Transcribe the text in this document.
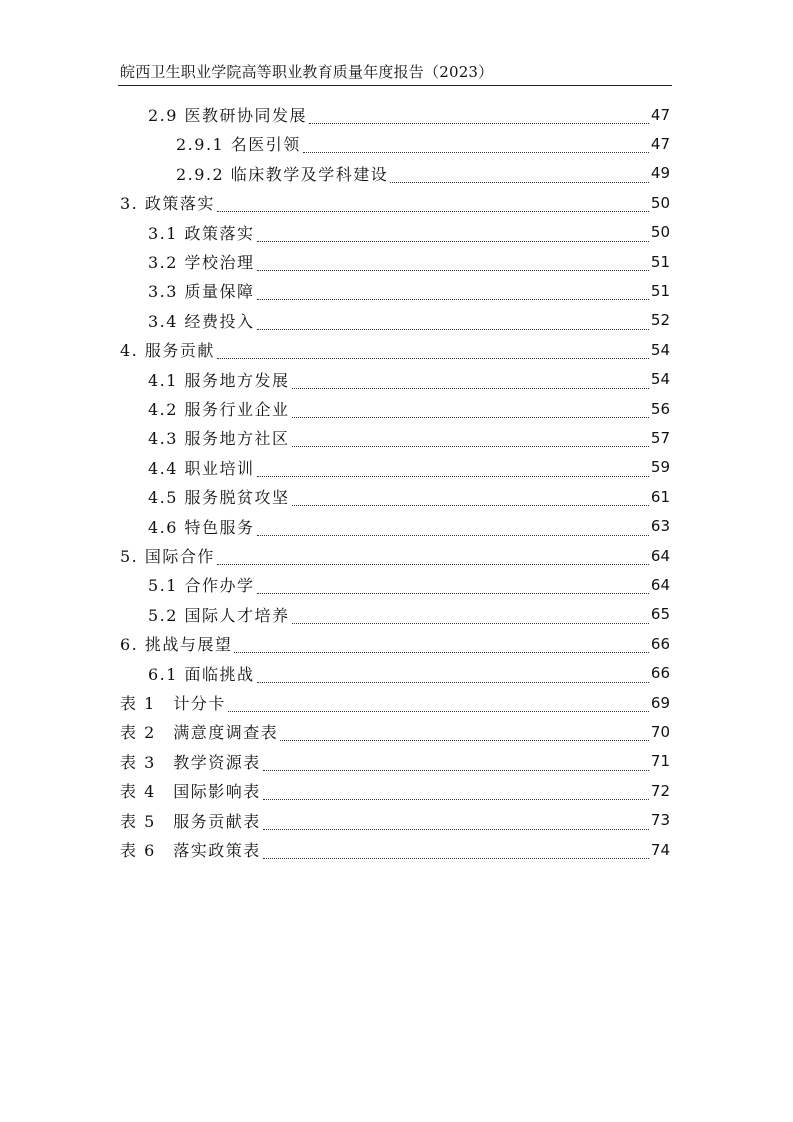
皖西卫生职业学院高等职业教育质量年度报告（2023）
2.9 医教研协同发展	47
2.9.1 名医引领	47
2.9.2 临床教学及学科建设	49
3. 政策落实	50
3.1 政策落实	50
3.2 学校治理	51
3.3 质量保障	51
3.4 经费投入	52
4. 服务贡献	54
4.1 服务地方发展	54
4.2 服务行业企业	56
4.3 服务地方社区	57
4.4 职业培训	59
4.5 服务脱贫攻坚	61
4.6 特色服务	63
5. 国际合作	64
5.1 合作办学	64
5.2 国际人才培养	65
6. 挑战与展望	66
6.1 面临挑战	66
表 1　计分卡	69
表 2　满意度调查表	70
表 3　教学资源表	71
表 4　国际影响表	72
表 5　服务贡献表	73
表 6　落实政策表	74
